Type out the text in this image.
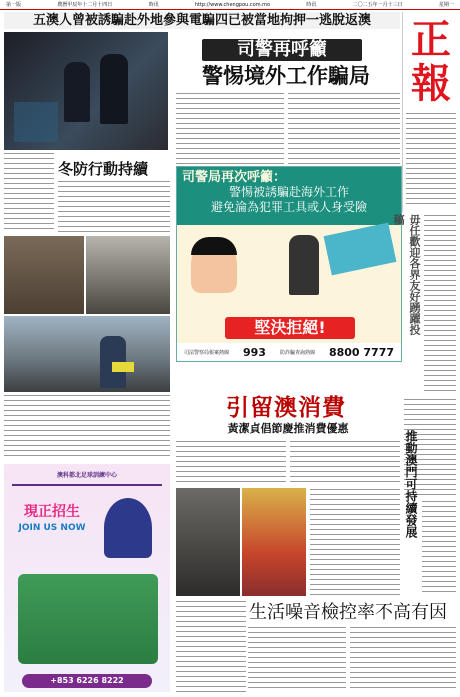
第一版	農曆甲辰年十二月十四日	時讯	http://www.chengpou.com.mo	時讯	二〇二五年一月十三日	星期一
五澳人曾被誘騙赴外地參與電騙四已被當地拘押一逃脫返澳
冬防行動持續
澳科都北足球訓練中心
現正招生
JOIN US NOW
+853 6226 8222
司警再呼籲
警惕境外工作騙局
司警局再次呼籲：
警惕被誘騙赴海外工作
避免淪為犯罪工具或人身受險
堅決拒絕!
司法警察局報案熱線 993	防詐騙查詢熱線 8800 7777
正報
毋任歡迎各界友好踴躍投稿
推動澳門可持續發展
引留澳消費
黃潔貞倡節慶推消費優惠
生活噪音檢控率不高有因
